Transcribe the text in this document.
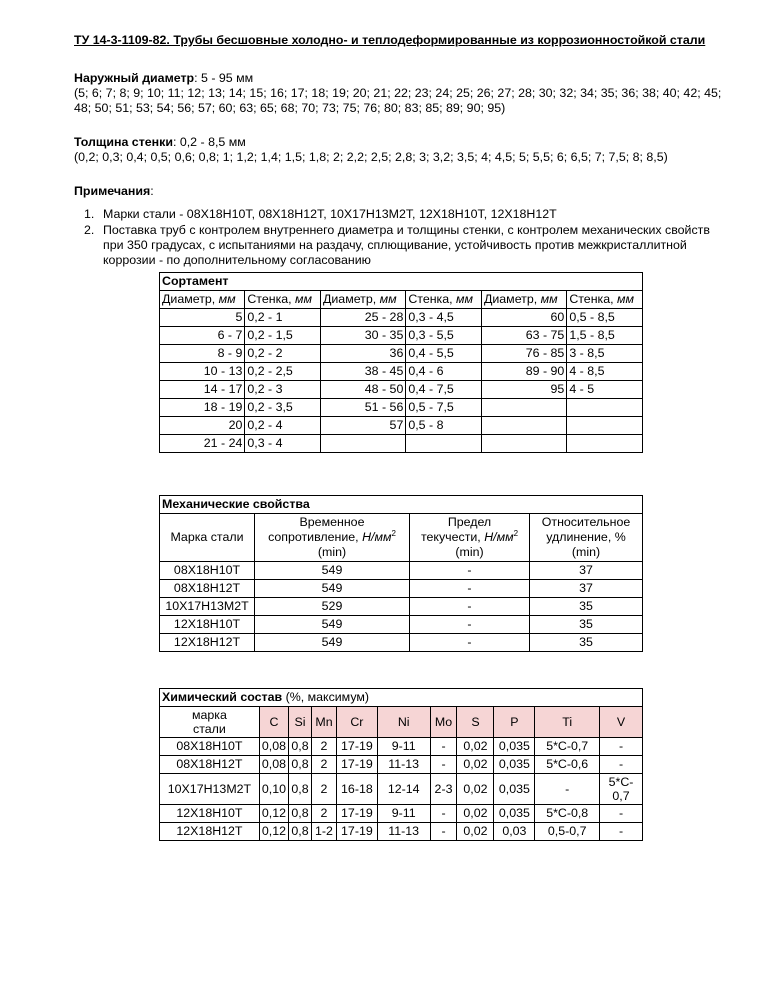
ТУ 14-3-1109-82. Трубы бесшовные холодно- и теплодеформированные из коррозионностойкой стали
Наружный диаметр: 5 - 95 мм
(5; 6; 7; 8; 9; 10; 11; 12; 13; 14; 15; 16; 17; 18; 19; 20; 21; 22; 23; 24; 25; 26; 27; 28; 30; 32; 34; 35; 36; 38; 40; 42; 45; 48; 50; 51; 53; 54; 56; 57; 60; 63; 65; 68; 70; 73; 75; 76; 80; 83; 85; 89; 90; 95)
Толщина стенки: 0,2 - 8,5 мм
(0,2; 0,3; 0,4; 0,5; 0,6; 0,8; 1; 1,2; 1,4; 1,5; 1,8; 2; 2,2; 2,5; 2,8; 3; 3,2; 3,5; 4; 4,5; 5; 5,5; 6; 6,5; 7; 7,5; 8; 8,5)
Примечания:
1. Марки стали - 08Х18Н10Т, 08Х18Н12Т, 10Х17Н13М2Т, 12Х18Н10Т, 12Х18Н12Т
2. Поставка труб с контролем внутреннего диаметра и толщины стенки, с контролем механических свойств при 350 градусах, с испытаниями на раздачу, сплющивание, устойчивость против межкристаллитной коррозии - по дополнительному согласованию
Сортамент					
Диаметр, мм	Стенка, мм	Диаметр, мм	Стенка, мм	Диаметр, мм	Стенка, мм
5	0,2 - 1	25 - 28	0,3 - 4,5	60	0,5 - 8,5
6 - 7	0,2 - 1,5	30 - 35	0,3 - 5,5	63 - 75	1,5 - 8,5
8 - 9	0,2 - 2	36	0,4 - 5,5	76 - 85	3 - 8,5
10 - 13	0,2 - 2,5	38 - 45	0,4 - 6	89 - 90	4 - 8,5
14 - 17	0,2 - 3	48 - 50	0,4 - 7,5	95	4 - 5
18 - 19	0,2 - 3,5	51 - 56	0,5 - 7,5		
20	0,2 - 4	57	0,5 - 8		
21 - 24	0,3 - 4				
Механические свойства			
Марка стали	Временное
сопротивление, $Н/мм^2$
(min)	Предел
текучести, $Н/мм^2$
(min)	Относительное
удлинение, %
(min)
08Х18Н10Т	549	-	37
08Х18Н12Т	549	-	37
10Х17Н13М2Т	529	-	35
12Х18Н10Т	549	-	35
12Х18Н12Т	549	-	35
Химический состав (%, максимум)										
марка
стали	C	Si	Mn	Cr	Ni	Mo	S	P	Ti	V
08Х18Н10Т	0,08	0,8	2	17-19	9-11	-	0,02	0,035	5*C-0,7	-
08Х18Н12Т	0,08	0,8	2	17-19	11-13	-	0,02	0,035	5*C-0,6	-
10Х17Н13М2Т	0,10	0,8	2	16-18	12-14	2-3	0,02	0,035	-	5*C-
0,7
12Х18Н10Т	0,12	0,8	2	17-19	9-11	-	0,02	0,035	5*C-0,8	-
12Х18Н12Т	0,12	0,8	1-2	17-19	11-13	-	0,02	0,03	0,5-0,7	-
